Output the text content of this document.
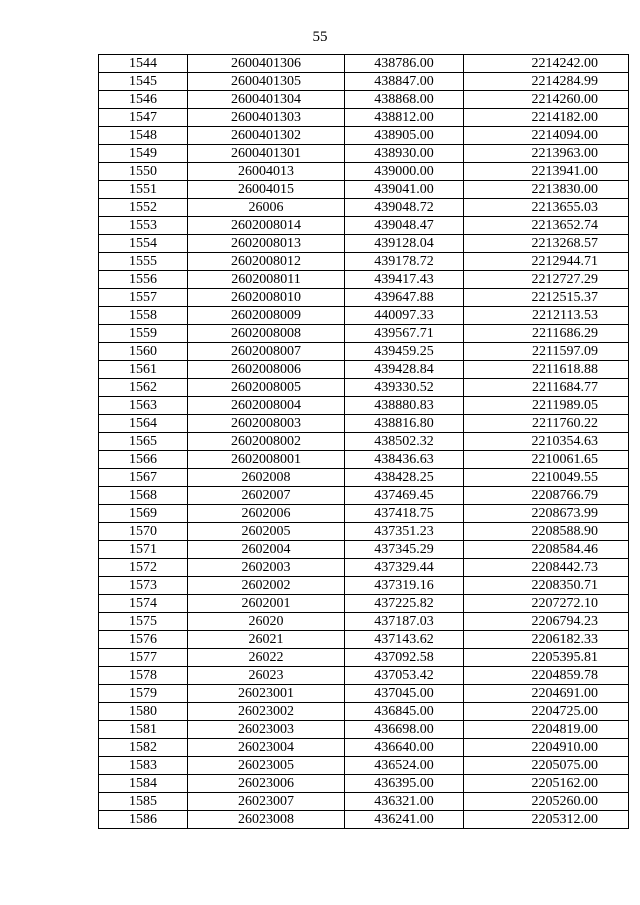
55
1544	2600401306	438786.00	2214242.00
1545	2600401305	438847.00	2214284.99
1546	2600401304	438868.00	2214260.00
1547	2600401303	438812.00	2214182.00
1548	2600401302	438905.00	2214094.00
1549	2600401301	438930.00	2213963.00
1550	26004013	439000.00	2213941.00
1551	26004015	439041.00	2213830.00
1552	26006	439048.72	2213655.03
1553	2602008014	439048.47	2213652.74
1554	2602008013	439128.04	2213268.57
1555	2602008012	439178.72	2212944.71
1556	2602008011	439417.43	2212727.29
1557	2602008010	439647.88	2212515.37
1558	2602008009	440097.33	2212113.53
1559	2602008008	439567.71	2211686.29
1560	2602008007	439459.25	2211597.09
1561	2602008006	439428.84	2211618.88
1562	2602008005	439330.52	2211684.77
1563	2602008004	438880.83	2211989.05
1564	2602008003	438816.80	2211760.22
1565	2602008002	438502.32	2210354.63
1566	2602008001	438436.63	2210061.65
1567	2602008	438428.25	2210049.55
1568	2602007	437469.45	2208766.79
1569	2602006	437418.75	2208673.99
1570	2602005	437351.23	2208588.90
1571	2602004	437345.29	2208584.46
1572	2602003	437329.44	2208442.73
1573	2602002	437319.16	2208350.71
1574	2602001	437225.82	2207272.10
1575	26020	437187.03	2206794.23
1576	26021	437143.62	2206182.33
1577	26022	437092.58	2205395.81
1578	26023	437053.42	2204859.78
1579	26023001	437045.00	2204691.00
1580	26023002	436845.00	2204725.00
1581	26023003	436698.00	2204819.00
1582	26023004	436640.00	2204910.00
1583	26023005	436524.00	2205075.00
1584	26023006	436395.00	2205162.00
1585	26023007	436321.00	2205260.00
1586	26023008	436241.00	2205312.00
